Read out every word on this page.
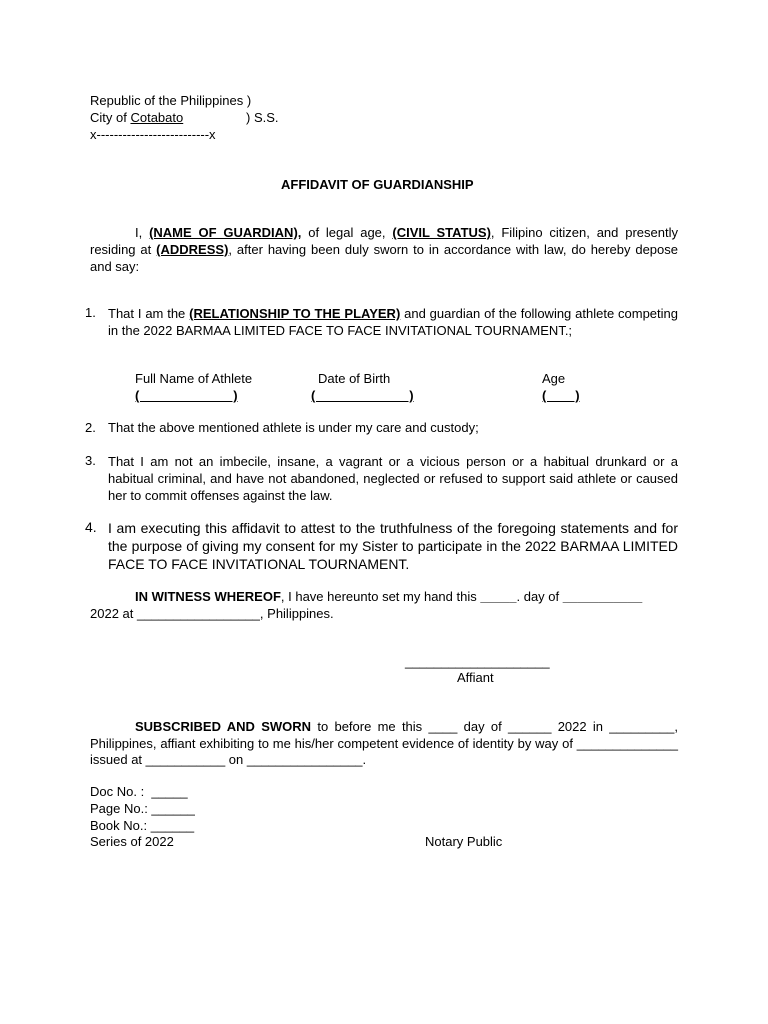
Republic of the Philippines )
City of Cotabato	) S.S.
x--------------------------x
AFFIDAVIT OF GUARDIANSHIP
I, (NAME OF GUARDIAN), of legal age, (CIVIL STATUS), Filipino citizen, and presently residing at (ADDRESS), after having been duly sworn to in accordance with law, do hereby depose and say:
1. That I am the (RELATIONSHIP TO THE PLAYER) and guardian of the following athlete competing in the 2022 BARMAA LIMITED FACE TO FACE INVITATIONAL TOURNAMENT.;
Full Name of Athlete	Date of Birth	Age
(                          )	(                          )	(        )
2. That the above mentioned athlete is under my care and custody;
3. That I am not an imbecile, insane, a vagrant or a vicious person or a habitual drunkard or a habitual criminal, and have not abandoned, neglected or refused to support said athlete or caused her to commit offenses against the law.
4. I am executing this affidavit to attest to the truthfulness of the foregoing statements and for the purpose of giving my consent for my Sister to participate in the 2022 BARMAA LIMITED FACE TO FACE INVITATIONAL TOURNAMENT.
IN WITNESS WHEREOF, I have hereunto set my hand this _____. day of ___________
2022 at _________________, Philippines.
____________________
Affiant
SUBSCRIBED AND SWORN to before me this ____ day of ______ 2022 in _________, Philippines, affiant exhibiting to me his/her competent evidence of identity by way of ______________ issued at ___________ on ________________.
Doc No. :  _____
Page No.: ______
Book No.: ______
Series of 2022	Notary Public
